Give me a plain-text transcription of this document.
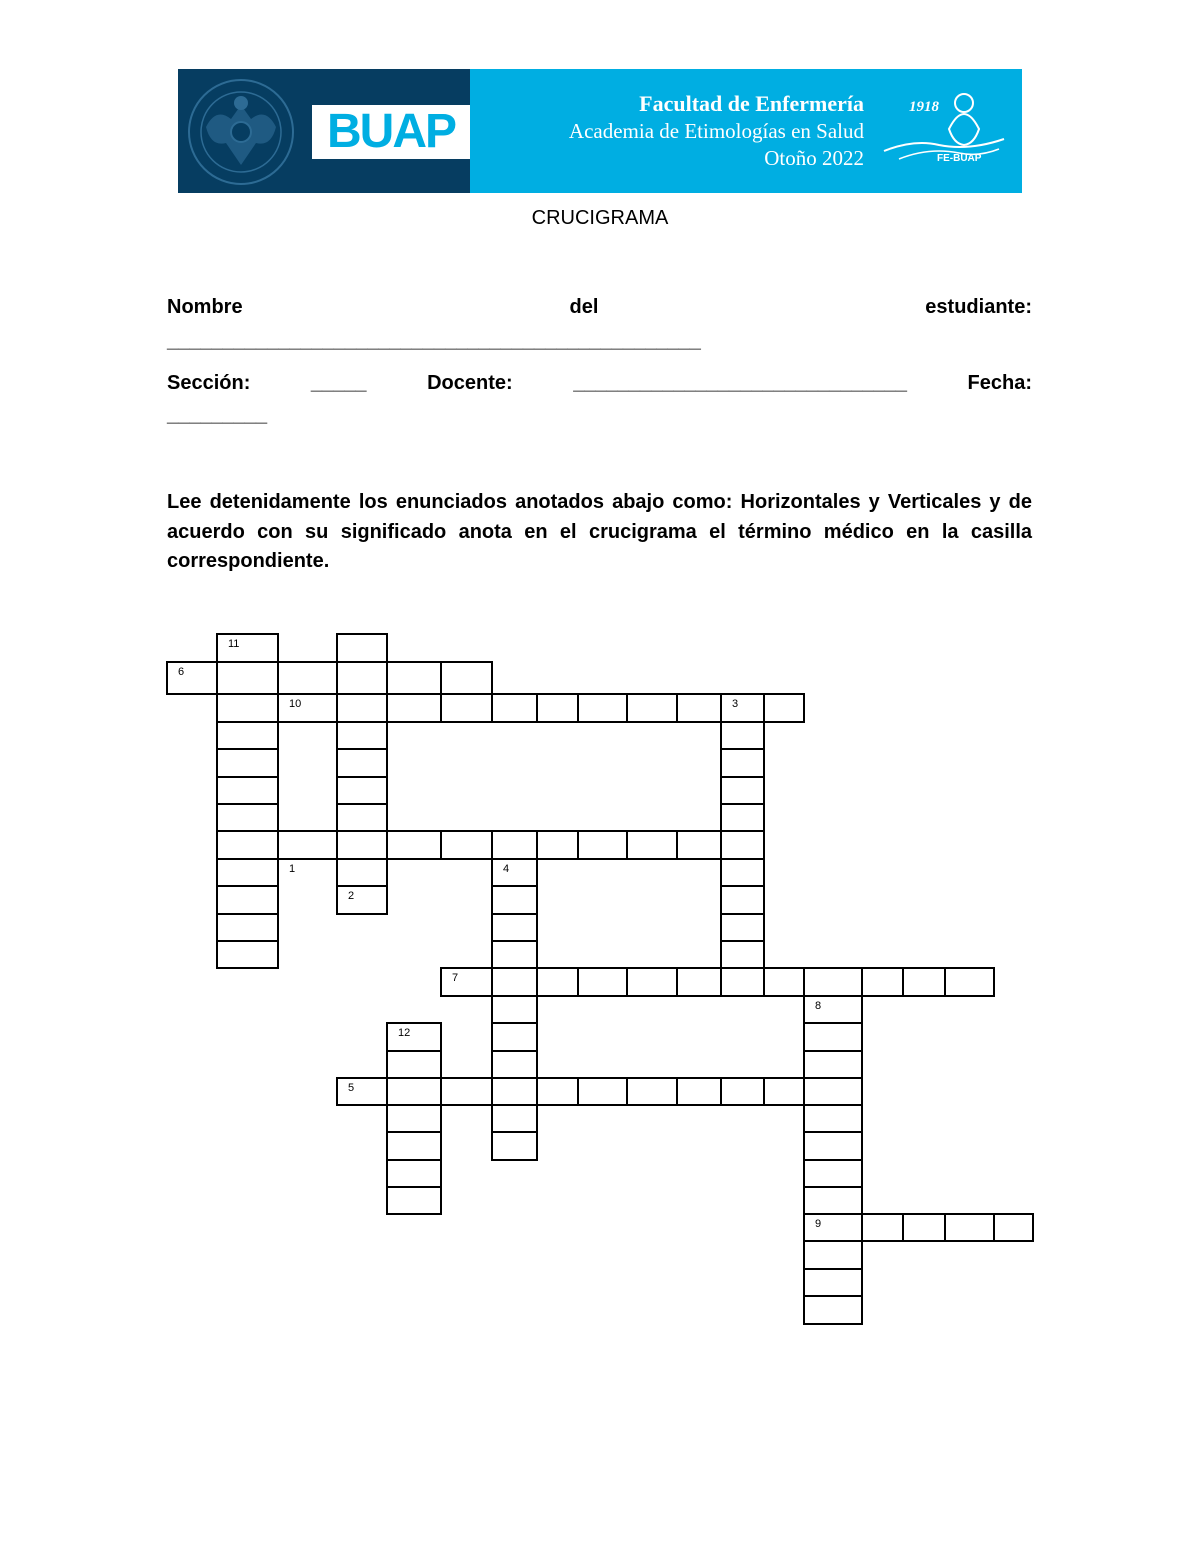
BUAP
Facultad de Enfermería
Academia de Etimologías en Salud
Otoño 2022
1918
FE-BUAP
CRUCIGRAMA
Nombre	del	estudiante:
________________________________________________
Sección:	_____	Docente:	______________________________	Fecha:
_________
Lee detenidamente los enunciados anotados abajo como: Horizontales y Verticales y de acuerdo con su significado anota en el crucigrama el término médico en la casilla correspondiente.
11
6
10	3
1	4
2
7
8
12
5
9
